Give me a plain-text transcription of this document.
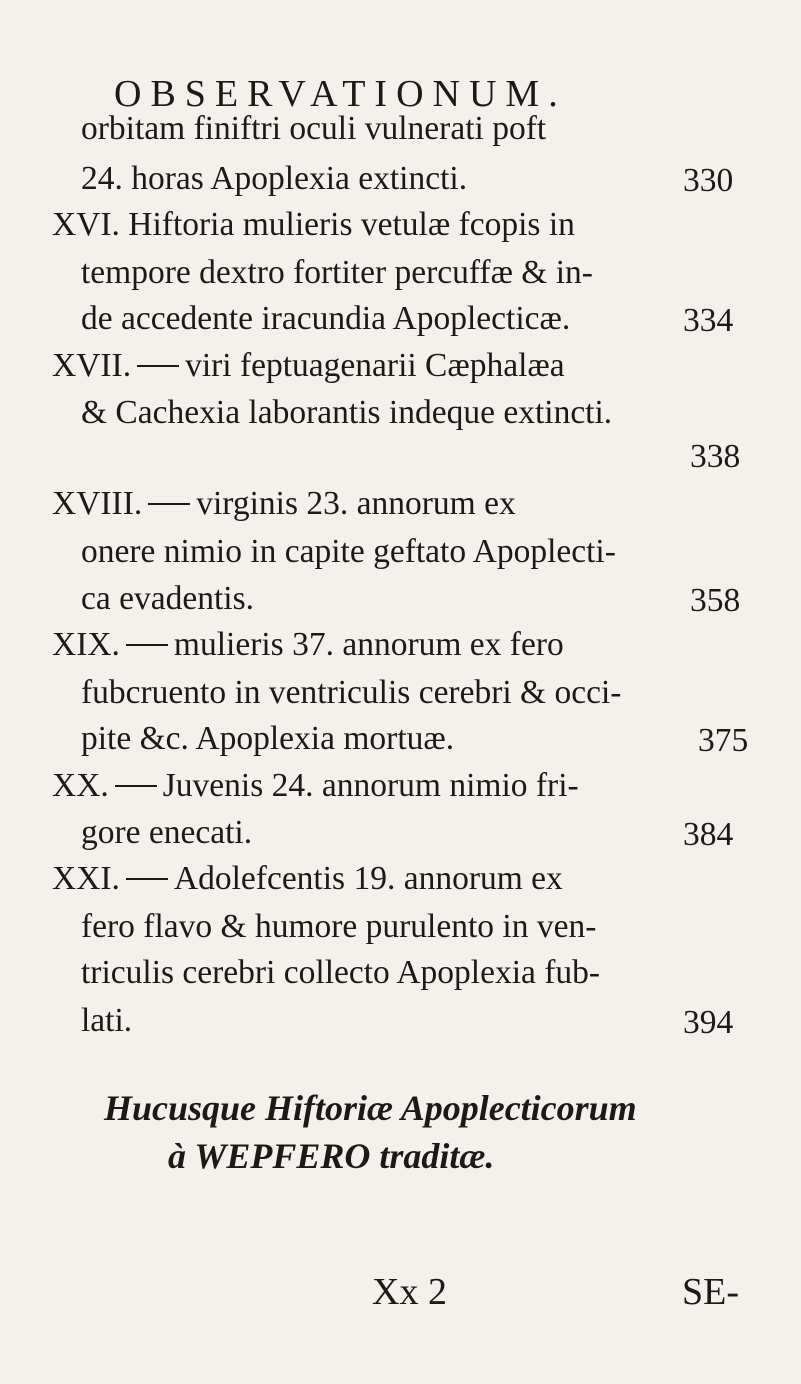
OBSERVATIONUM.
orbitam finiftri oculi vulnerati poft
24. horas Apoplexia extincti.	330
XVI. Hiftoria mulieris vetulæ fcopis in
tempore dextro fortiter percuffæ & in-
de accedente iracundia Apoplecticæ.	334
XVII. viri feptuagenarii Cæphalæa
& Cachexia laborantis indeque extincti.
338
XVIII. virginis 23. annorum ex
onere nimio in capite geftato Apoplecti-
ca evadentis.	358
XIX. mulieris 37. annorum ex fero
fubcruento in ventriculis cerebri & occi-
pite &c. Apoplexia mortuæ.	375
XX. Juvenis 24. annorum nimio fri-
gore enecati.	384
XXI. Adolefcentis 19. annorum ex
fero flavo & humore purulento in ven-
triculis cerebri collecto Apoplexia fub-
lati.	394
Hucusque Hiftoriæ Apoplecticorum
à WEPFERO traditæ.
Xx 2	SE-
